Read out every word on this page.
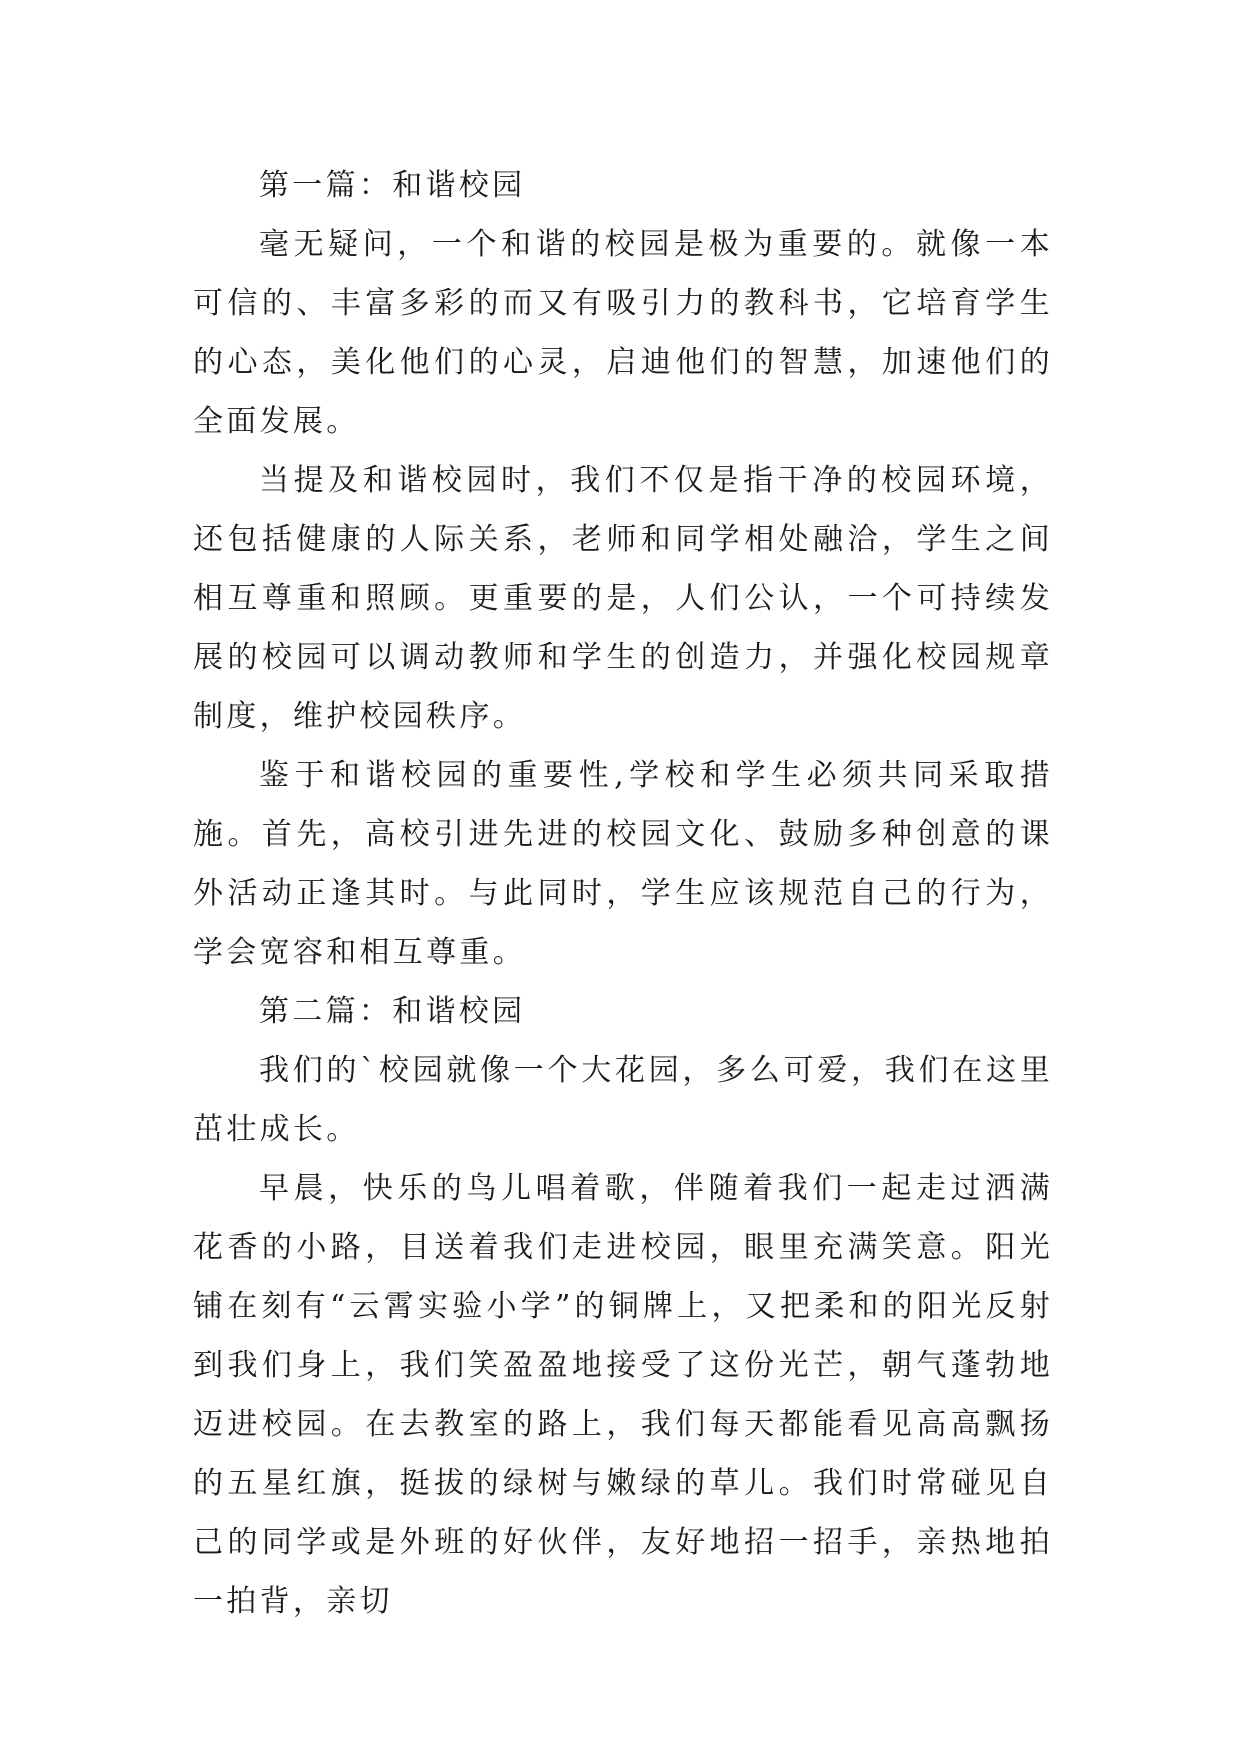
第一篇：和谐校园

毫无疑问，一个和谐的校园是极为重要的。就像一本可信的、丰富多彩的而又有吸引力的教科书，它培育学生的心态，美化他们的心灵，启迪他们的智慧，加速他们的全面发展。

当提及和谐校园时，我们不仅是指干净的校园环境，还包括健康的人际关系，老师和同学相处融洽，学生之间相互尊重和照顾。更重要的是，人们公认，一个可持续发展的校园可以调动教师和学生的创造力，并强化校园规章制度，维护校园秩序。

鉴于和谐校园的重要性,学校和学生必须共同采取措施。首先，高校引进先进的校园文化、鼓励多种创意的课外活动正逢其时。与此同时，学生应该规范自己的行为，学会宽容和相互尊重。

第二篇：和谐校园

我们的`校园就像一个大花园，多么可爱，我们在这里茁壮成长。

早晨，快乐的鸟儿唱着歌，伴随着我们一起走过洒满花香的小路，目送着我们走进校园，眼里充满笑意。阳光铺在刻有“云霄实验小学”的铜牌上，又把柔和的阳光反射到我们身上，我们笑盈盈地接受了这份光芒，朝气蓬勃地迈进校园。在去教室的路上，我们每天都能看见高高飘扬的五星红旗，挺拔的绿树与嫩绿的草儿。我们时常碰见自己的同学或是外班的好伙伴，友好地招一招手，亲热地拍一拍背，亲切
